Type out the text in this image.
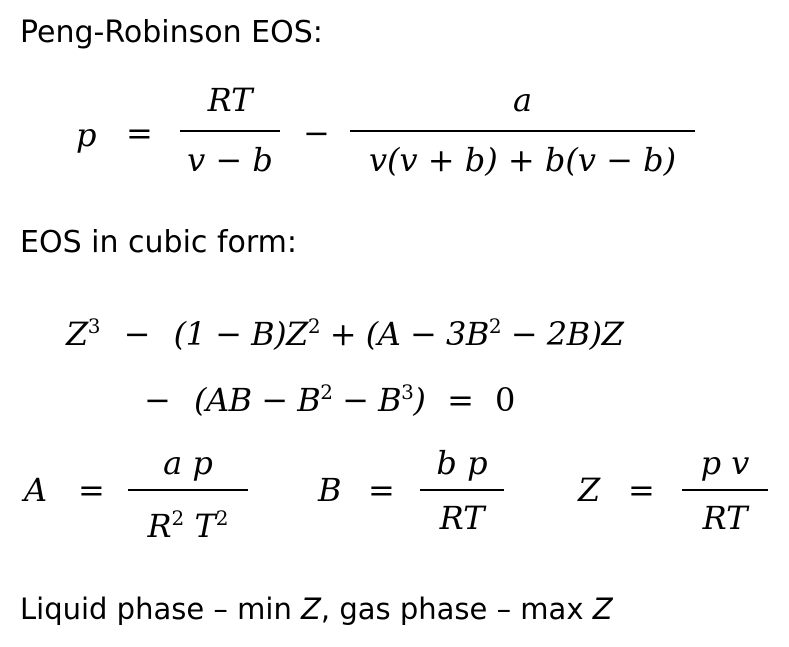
Peng-Robinson EOS:
p =
RT
v − b
−
a
v(v + b) + b(v − b)
EOS in cubic form:
$Z^3 - (1 - B)Z^2 + (A - 3B^2 - 2B)Z$
− $(AB - B^2 - B^3) = 0$
A =
a p
$R^2$ $T^2$
B =
b p
RT
Z =
p v
RT
Liquid phase – min Z, gas phase – max Z
